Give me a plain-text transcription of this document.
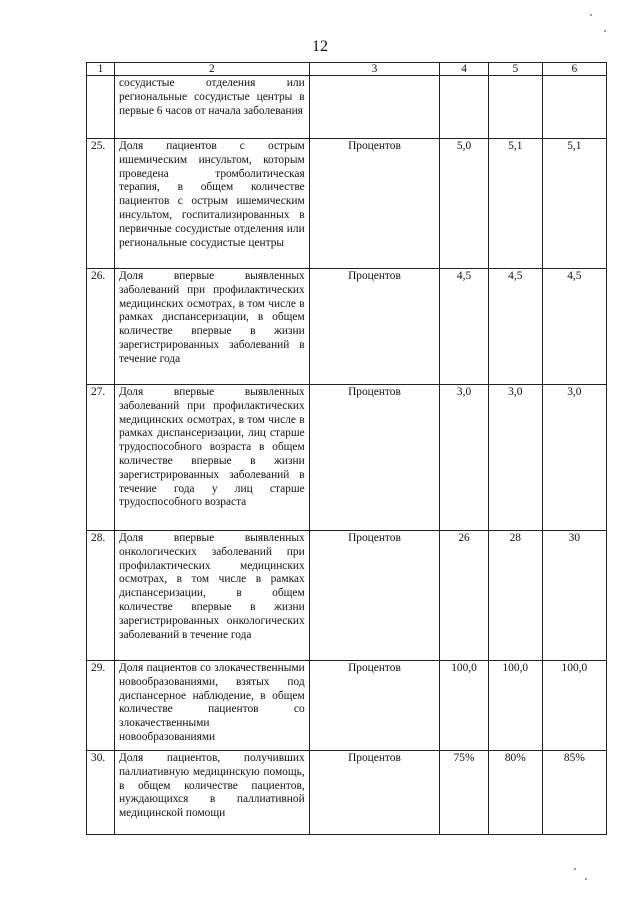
12
1	2	3	4	5	6
	сосудистые отделения или региональные сосудистые центры в первые 6 часов от начала заболевания				
25.	Доля пациентов с острым ишемическим инсультом, которым проведена тромболитическая терапия, в общем количестве пациентов с острым ишемическим инсультом, госпитализированных в первичные сосудистые отделения или региональные сосудистые центры	Процентов	5,0	5,1	5,1
26.	Доля впервые выявленных заболеваний при профилактических медицинских осмотрах, в том числе в рамках диспансеризации, в общем количестве впервые в жизни зарегистрированных заболеваний в течение года	Процентов	4,5	4,5	4,5
27.	Доля впервые выявленных заболеваний при профилактических медицинских осмотрах, в том числе в рамках диспансеризации, лиц старше трудоспособного возраста в общем количестве впервые в жизни зарегистрированных заболеваний в течение года у лиц старше трудоспособного возраста	Процентов	3,0	3,0	3,0
28.	Доля впервые выявленных онкологических заболеваний при профилактических медицинских осмотрах, в том числе в рамках диспансеризации, в общем количестве впервые в жизни зарегистрированных онкологических заболеваний в течение года	Процентов	26	28	30
29.	Доля пациентов со злокачественными новообразованиями, взятых под диспансерное наблюдение, в общем количестве пациентов со злокачественными новообразованиями	Процентов	100,0	100,0	100,0
30.	Доля пациентов, получивших паллиативную медицинскую помощь, в общем количестве пациентов, нуждающихся в паллиативной медицинской помощи	Процентов	75%	80%	85%
